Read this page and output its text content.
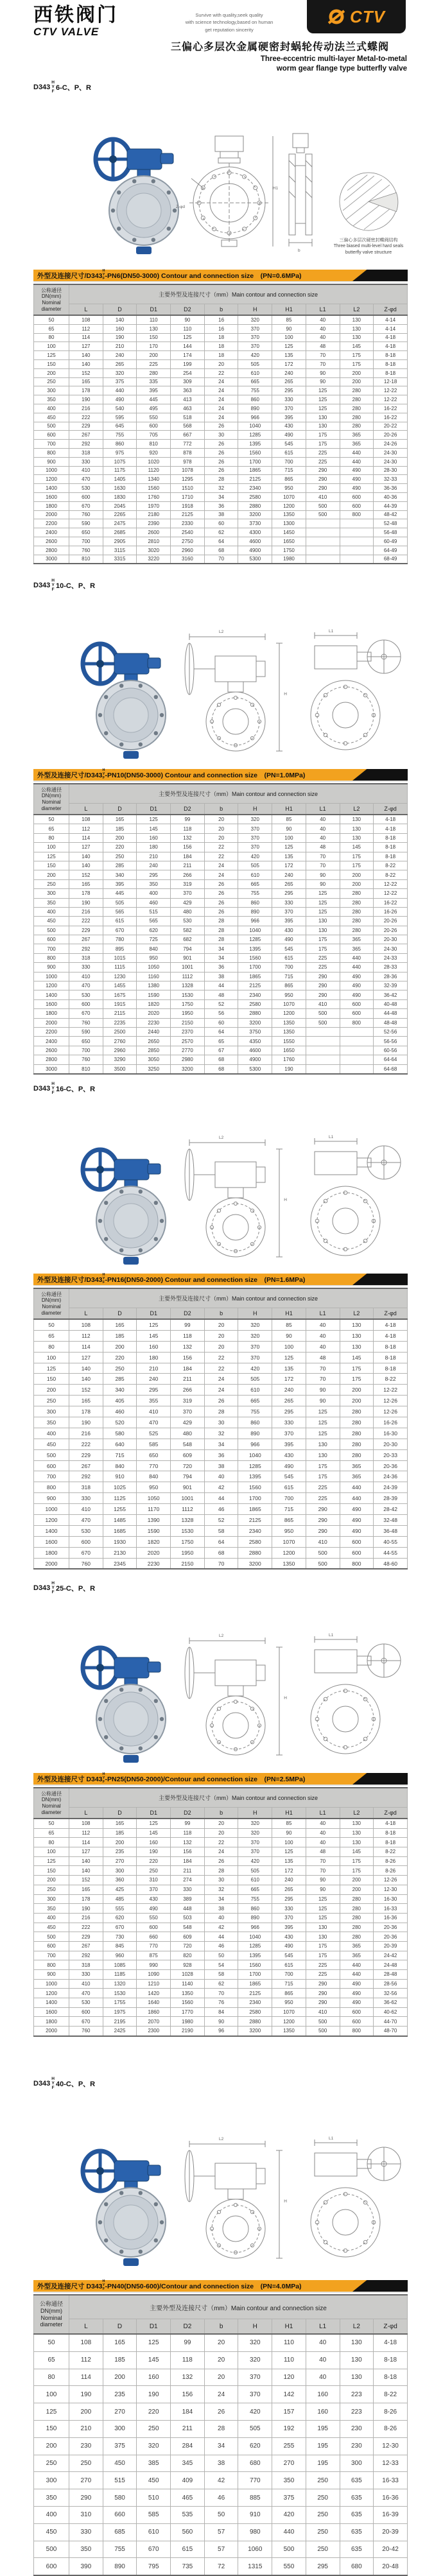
西铁阀门
CTV VALVE
Survive with quality,seek quality
with science technology,based on human
get reputation sincerity
CTV
三偏心多层次金属硬密封蜗轮传动法兰式蝶阀
Three-eccentric multi-layer Metal-to-metal
worm gear flange type butterfly valve
D343
H
Y
F 6-C、P、R
Z-φd
H1
b
三偏心多层次硬密封蝶阀结构
Three biased multi-level hard seals
butterfly valve structure
外型及连接尺寸/D343
H
Y
F -PN6(DN50-3000) Contour and connection size　(PN=0.6MPa)
公称通径
DN(mm)
Nominal
diameter	主要外型及连接尺寸（mm）Main contour and connection size									
	L	D	D1	D2	b	H	H1	L1	L2	Z-φd
50	108	140	110	90	16	320	85	40	130	4-14
65	112	160	130	110	16	370	90	40	130	4-14
80	114	190	150	125	18	370	100	40	130	4-18
100	127	210	170	144	18	370	125	48	145	4-18
125	140	240	200	174	18	420	135	70	175	8-18
150	140	265	225	199	20	505	172	70	175	8-18
200	152	320	280	254	22	610	240	90	200	8-18
250	165	375	335	309	24	665	265	90	200	12-18
300	178	440	395	363	24	755	295	125	280	12-22
350	190	490	445	413	24	860	330	125	280	12-22
400	216	540	495	463	24	890	370	125	280	16-22
450	222	595	550	518	24	966	395	130	280	16-22
500	229	645	600	568	26	1040	430	130	280	20-22
600	267	755	705	667	30	1285	490	175	365	20-26
700	292	860	810	772	26	1395	545	175	365	24-26
800	318	975	920	878	26	1560	615	225	440	24-30
900	330	1075	1020	978	26	1700	700	225	440	24-30
1000	410	1175	1120	1078	26	1865	715	290	490	28-30
1200	470	1405	1340	1295	28	2125	865	290	490	32-33
1400	530	1630	1560	1510	32	2340	950	290	490	36-36
1600	600	1830	1760	1710	34	2580	1070	410	600	40-36
1800	670	2045	1970	1918	36	2880	1200	500	600	44-39
2000	760	2265	2180	2125	38	3200	1350	500	800	48-42
2200	590	2475	2390	2330	60	3730	1300			52-48
2400	650	2685	2600	2540	62	4300	1450			56-48
2600	700	2905	2810	2750	64	4600	1650			60-49
2800	760	3115	3020	2960	68	4900	1750			64-49
3000	810	3315	3220	3160	70	5300	1980			68-49
D343
H
Y
F 10-C、P、R
L2
H
L1
外型及连接尺寸/D343
H
Y
F -PN10(DN50-3000) Contour and connection size　(PN=1.0MPa)
公称通径
DN(mm)
Nominal
diameter	主要外型及连接尺寸（mm）Main contour and connection size									
	L	D	D1	D2	b	H	H1	L1	L2	Z-φd
50	108	165	125	99	20	320	85	40	130	4-18
65	112	185	145	118	20	370	90	40	130	4-18
80	114	200	160	132	20	370	100	40	130	8-18
100	127	220	180	156	22	370	125	48	145	8-18
125	140	250	210	184	22	420	135	70	175	8-18
150	140	285	240	211	24	505	172	70	175	8-22
200	152	340	295	266	24	610	240	90	200	8-22
250	165	395	350	319	26	665	265	90	200	12-22
300	178	445	400	370	26	755	295	125	280	12-22
350	190	505	460	429	26	860	330	125	280	16-22
400	216	565	515	480	26	890	370	125	280	16-26
450	222	615	565	530	28	966	395	130	280	20-26
500	229	670	620	582	28	1040	430	130	280	20-26
600	267	780	725	682	28	1285	490	175	365	20-30
700	292	895	840	794	34	1395	545	175	365	24-30
800	318	1015	950	901	34	1560	615	225	440	24-33
900	330	1115	1050	1001	36	1700	700	225	440	28-33
1000	410	1230	1160	1112	38	1865	715	290	490	28-36
1200	470	1455	1380	1328	44	2125	865	290	490	32-39
1400	530	1675	1590	1530	48	2340	950	290	490	36-42
1600	600	1915	1820	1750	52	2580	1070	410	600	40-48
1800	670	2115	2020	1950	56	2880	1200	500	600	44-48
2000	760	2235	2230	2150	60	3200	1350	500	800	48-48
2200	590	2500	2440	2370	64	3750	1350			52-56
2400	650	2760	2650	2570	65	4350	1550			56-56
2600	700	2960	2850	2770	67	4600	1650			60-56
2800	760	3290	3050	2980	68	4900	1760			64-64
3000	810	3500	3250	3200	68	5300	190			64-68
D343
H
Y
F 16-C、P、R
L2
H
L1
外型及连接尺寸/D343
H
Y
F -PN16(DN50-2000) Contour and connection size　(PN=1.6MPa)
公称通径
DN(mm)
Nominal
diameter	主要外型及连接尺寸（mm）Main contour and connection size									
	L	D	D1	D2	b	H	H1	L1	L2	Z-φd
50	108	165	125	99	20	320	85	40	130	4-18
65	112	185	145	118	20	320	90	40	130	4-18
80	114	200	160	132	20	370	100	40	130	8-18
100	127	220	180	156	22	370	125	48	145	8-18
125	140	250	210	184	22	420	135	70	175	8-18
150	140	285	240	211	24	505	172	70	175	8-22
200	152	340	295	266	24	610	240	90	200	12-22
250	165	405	355	319	26	665	265	90	200	12-26
300	178	460	410	370	28	755	295	125	280	12-26
350	190	520	470	429	30	860	330	125	280	16-26
400	216	580	525	480	32	890	370	125	280	16-30
450	222	640	585	548	34	966	395	130	280	20-30
500	229	715	650	609	36	1040	430	130	280	20-33
600	267	840	770	720	38	1285	490	175	365	20-36
700	292	910	840	794	40	1395	545	175	365	24-36
800	318	1025	950	901	42	1560	615	225	440	24-39
900	330	1125	1050	1001	44	1700	700	225	440	28-39
1000	410	1255	1170	1112	46	1865	715	290	490	28-42
1200	470	1485	1390	1328	52	2125	865	290	490	32-48
1400	530	1685	1590	1530	58	2340	950	290	490	36-48
1600	600	1930	1820	1750	64	2580	1070	410	600	40-55
1800	670	2130	2020	1950	68	2880	1200	500	600	44-55
2000	760	2345	2230	2150	70	3200	1350	500	800	48-60
D343
H
Y
F 25-C、P、R
L2
H
L1
外型及连接尺寸 D343
H
Y
F -PN25(DN50-2000)/Contour and connection size　(PN=2.5MPa)
公称通径
DN(mm)
Nominal
diameter	主要外型及连接尺寸（mm）Main contour and connection size									
	L	D	D1	D2	b	H	H1	L1	L2	Z-φd
50	108	165	125	99	20	320	85	40	130	4-18
65	112	185	145	118	20	320	90	40	130	8-18
80	114	200	160	132	22	370	100	40	130	8-18
100	127	235	190	156	24	370	125	48	145	8-22
125	140	270	220	184	26	420	135	70	175	8-26
150	140	300	250	211	28	505	172	70	175	8-26
200	152	360	310	274	30	610	240	90	200	12-26
250	165	425	370	330	32	665	265	90	200	12-30
300	178	485	430	389	34	755	295	125	280	16-30
350	190	555	490	448	38	860	330	125	280	16-33
400	216	620	550	503	40	890	370	125	280	16-36
450	222	670	600	548	42	966	395	130	280	20-36
500	229	730	660	609	44	1040	430	130	280	20-36
600	267	845	770	720	46	1285	490	175	365	20-39
700	292	960	875	820	50	1395	545	175	365	24-42
800	318	1085	990	928	54	1560	615	225	440	24-48
900	330	1185	1090	1028	58	1700	700	225	440	28-48
1000	410	1320	1210	1140	62	1865	715	290	490	28-56
1200	470	1530	1420	1350	70	2125	865	290	490	32-56
1400	530	1755	1640	1560	76	2340	950	290	490	36-62
1600	600	1975	1860	1770	84	2580	1070	410	600	40-62
1800	670	2195	2070	1980	90	2880	1200	500	600	44-70
2000	760	2425	2300	2190	96	3200	1350	500	800	48-70
D343
H
Y
F 40-C、P、R
L2
H
L1
外型及连接尺寸 D343
H
Y
F -PN40(DN50-600)/Contour and connection size　(PN=4.0MPa)
公称通径
DN(mm)
Nominal
diameter	主要外型及连接尺寸（mm）Main contour and connection size									
	L	D	D1	D2	b	H	H1	L1	L2	Z-φd
50	108	165	125	99	20	320	110	40	130	4-18
65	112	185	145	118	20	320	110	40	130	8-18
80	114	200	160	132	20	370	120	40	130	8-18
100	190	235	190	156	24	370	142	160	223	8-22
125	200	270	220	184	26	420	157	160	223	8-26
150	210	300	250	211	28	505	192	195	230	8-26
200	230	375	320	284	34	620	255	195	230	12-30
250	250	450	385	345	38	680	270	195	300	12-33
300	270	515	450	409	42	770	350	250	635	16-33
350	290	580	510	465	46	885	375	250	635	16-36
400	310	660	585	535	50	910	420	250	635	16-39
450	330	685	610	560	57	980	440	250	635	20-39
500	350	755	670	615	57	1060	500	250	635	20-42
600	390	890	795	735	72	1315	550	295	680	20-48
